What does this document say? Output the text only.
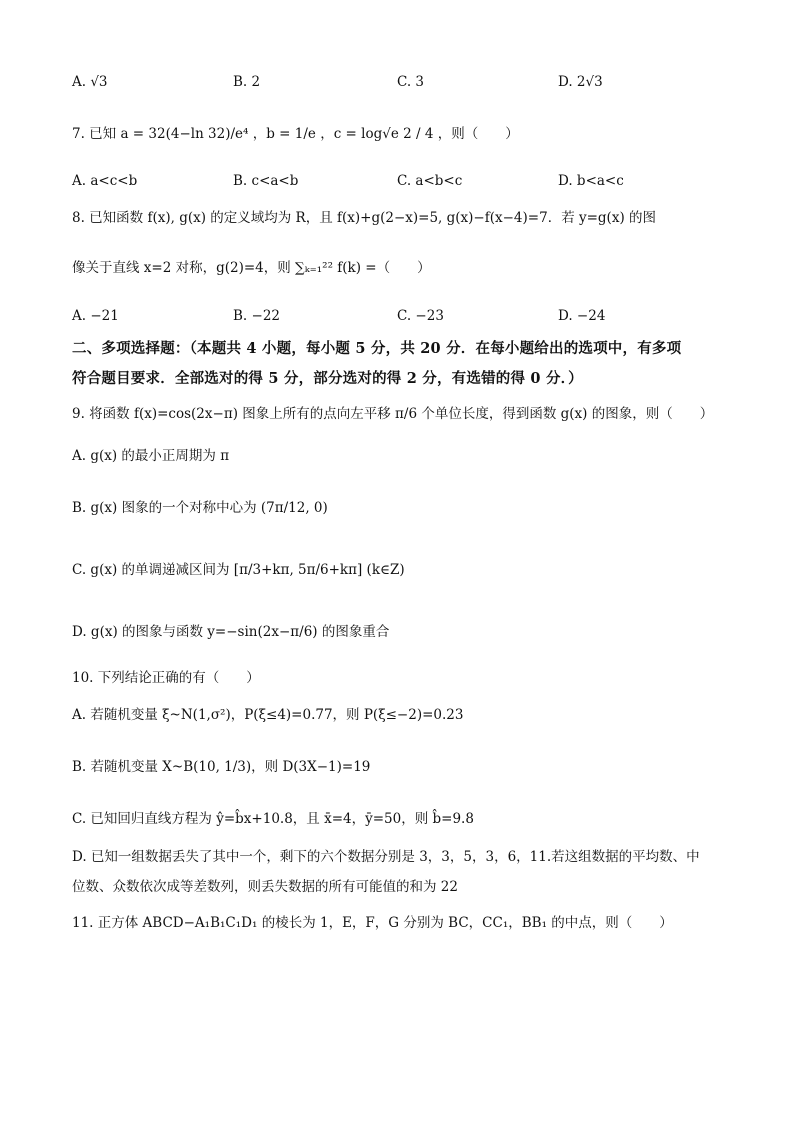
A. √3	B. 2	C. 3	D. 2√3
7. 已知 a = 32(4−ln 32)/e⁴ ，b = 1/e ，c = log√e 2 / 4 ，则（　　）
A. a<c<b	B. c<a<b	C. a<b<c	D. b<a<c
8. 已知函数 f(x), g(x) 的定义域均为 R，且 f(x)+g(2−x)=5, g(x)−f(x−4)=7．若 y=g(x) 的图
像关于直线 x=2 对称，g(2)=4，则 ∑ₖ₌₁²² f(k) =（　　）
A. −21	B. −22	C. −23	D. −24
二、多项选择题：（本题共 4 小题，每小题 5 分，共 20 分．在每小题给出的选项中，有多项
符合题目要求．全部选对的得 5 分，部分选对的得 2 分，有选错的得 0 分．）
9. 将函数 f(x)=cos(2x−π) 图象上所有的点向左平移 π/6 个单位长度，得到函数 g(x) 的图象，则（　　）
A. g(x) 的最小正周期为 π
B. g(x) 图象的一个对称中心为 (7π/12, 0)
C. g(x) 的单调递减区间为 [π/3+kπ, 5π/6+kπ] (k∈Z)
D. g(x) 的图象与函数 y=−sin(2x−π/6) 的图象重合
10. 下列结论正确的有（　　）
A. 若随机变量 ξ~N(1,σ²)，P(ξ≤4)=0.77，则 P(ξ≤−2)=0.23
B. 若随机变量 X~B(10, 1/3)，则 D(3X−1)=19
C. 已知回归直线方程为 ŷ=b̂x+10.8，且 x̄=4，ȳ=50，则 b̂=9.8
D. 已知一组数据丢失了其中一个，剩下的六个数据分别是 3，3，5，3，6，11.若这组数据的平均数、中
位数、众数依次成等差数列，则丢失数据的所有可能值的和为 22
11. 正方体 ABCD−A₁B₁C₁D₁ 的棱长为 1，E，F，G 分别为 BC，CC₁，BB₁ 的中点，则（　　）
